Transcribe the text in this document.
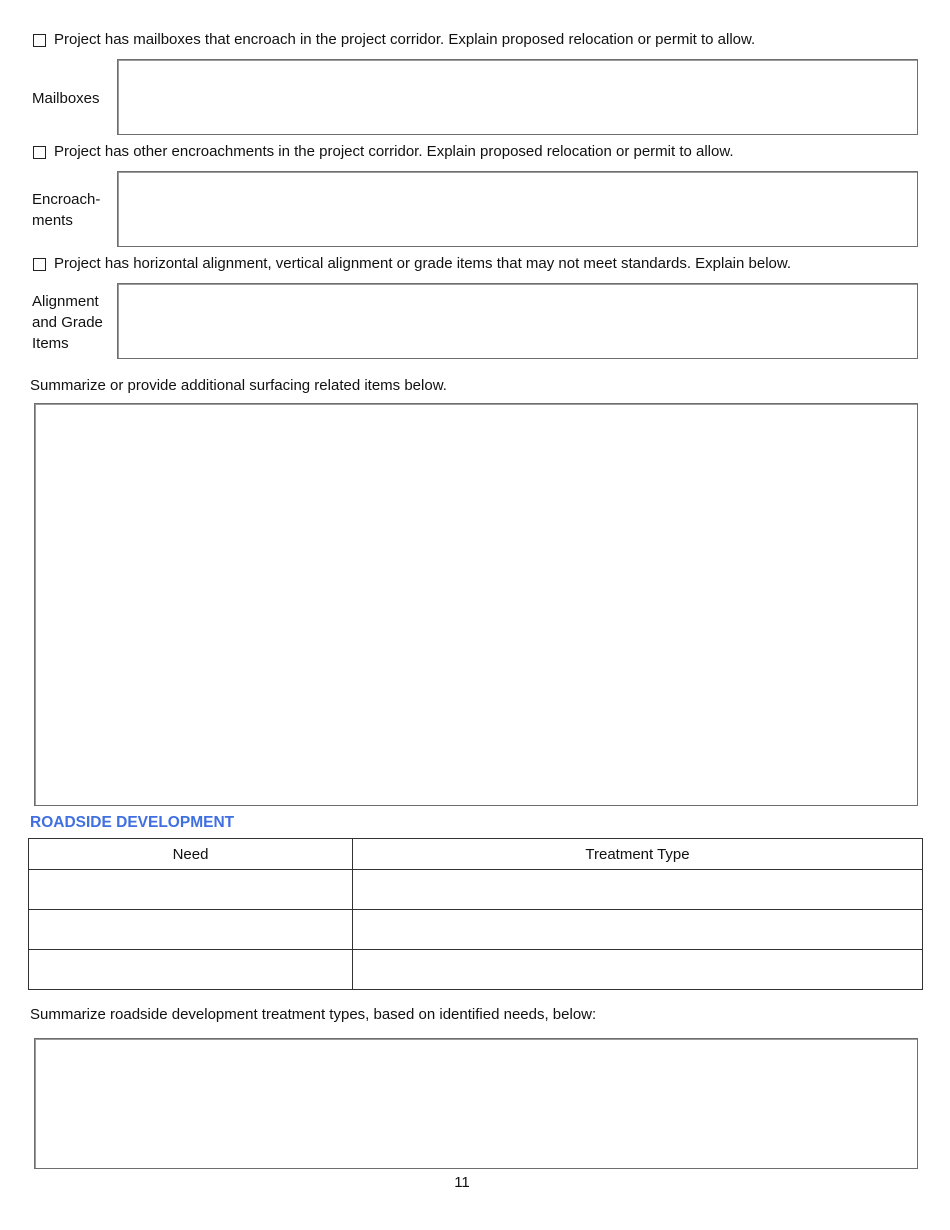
Project has mailboxes that encroach in the project corridor. Explain proposed relocation or permit to allow.
Mailboxes
Project has other encroachments in the project corridor. Explain proposed relocation or permit to allow.
Encroach-
ments
Project has horizontal alignment, vertical alignment or grade items that may not meet standards. Explain below.
Alignment
and Grade
Items
Summarize or provide additional surfacing related items below.
ROADSIDE DEVELOPMENT
Need	Treatment Type

Summarize roadside development treatment types, based on identified needs, below:
11
